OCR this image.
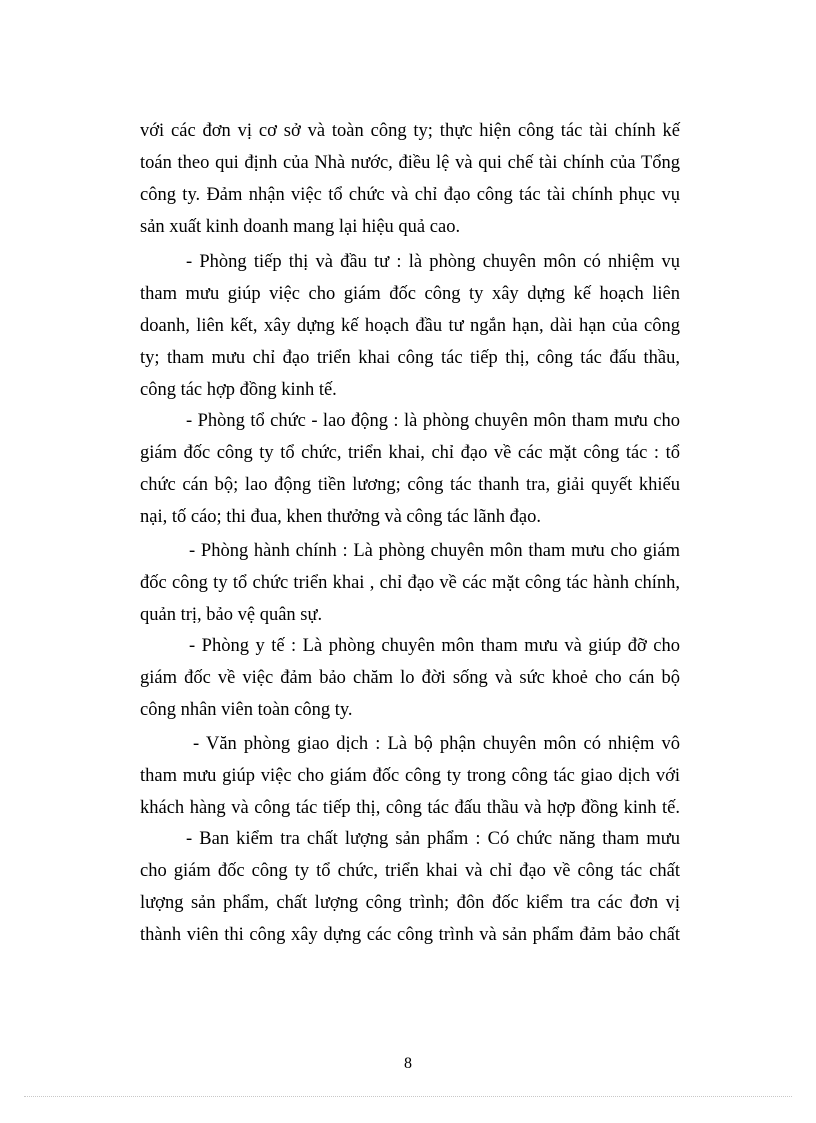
với các đơn vị cơ sở và toàn công ty; thực hiện công tác tài chính kế
toán theo qui định của Nhà nước, điều lệ và qui chế tài chính của Tổng
công ty. Đảm nhận việc tổ chức và chỉ đạo công tác tài chính phục vụ
sản xuất kinh doanh mang lại hiệu quả cao.
- Phòng tiếp thị và đầu tư : là phòng chuyên môn có nhiệm vụ
tham mưu giúp việc cho giám đốc công ty xây dựng kế hoạch liên
doanh, liên kết, xây dựng kế hoạch đầu tư ngắn hạn, dài hạn của công
ty; tham mưu chỉ đạo triển khai công tác tiếp thị, công tác đấu thầu,
công tác hợp đồng kinh tế.
- Phòng tổ chức - lao động : là phòng chuyên môn tham mưu cho
giám đốc công ty tổ chức, triển khai, chỉ đạo về các mặt công tác : tổ
chức cán bộ; lao động tiền lương; công tác thanh tra, giải quyết khiếu
nại, tố cáo; thi đua, khen thưởng và công tác lãnh đạo.
- Phòng hành chính : Là phòng chuyên môn tham mưu cho giám
đốc công ty tổ chức triển khai , chỉ đạo về các mặt công tác hành chính,
quản trị, bảo vệ quân sự.
- Phòng y tế : Là phòng chuyên môn tham mưu và giúp đỡ cho
giám đốc về việc đảm bảo chăm lo đời sống và sức khoẻ cho cán bộ
công nhân viên toàn công ty.
- Văn phòng giao dịch : Là bộ phận chuyên môn có nhiệm vô
tham mưu giúp việc cho giám đốc công ty trong công tác giao dịch với
khách hàng và công tác tiếp thị, công tác đấu thầu và hợp đồng kinh tế.
- Ban kiểm tra chất lượng sản phẩm : Có chức năng tham mưu
cho giám đốc công ty tổ chức, triển khai và chỉ đạo về công tác chất
lượng sản phẩm, chất lượng công trình; đôn đốc kiểm tra các đơn vị
thành viên thi công xây dựng các công trình và sản phẩm đảm bảo chất
8
